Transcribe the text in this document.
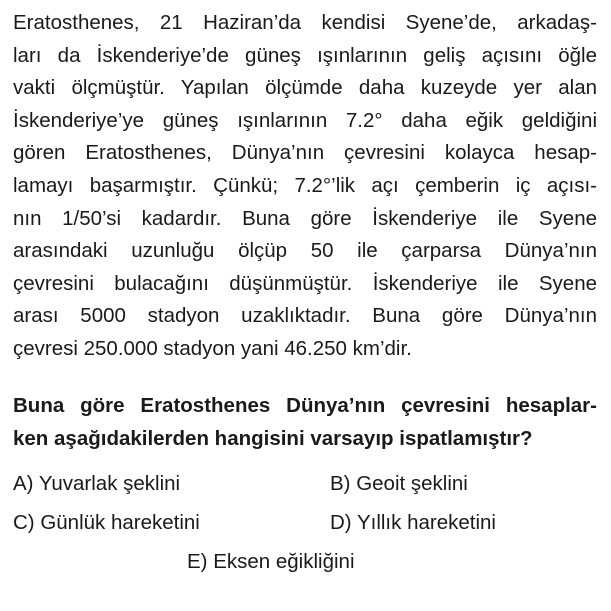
Eratosthenes, 21 Haziran’da kendisi Syene’de, arkadaş-
ları da İskenderiye’de güneş ışınlarının geliş açısını öğle
vakti ölçmüştür. Yapılan ölçümde daha kuzeyde yer alan
İskenderiye’ye güneş ışınlarının 7.2° daha eğik geldiğini
gören Eratosthenes, Dünya’nın çevresini kolayca hesap-
lamayı başarmıştır. Çünkü; 7.2°’lik açı çemberin iç açısı-
nın 1/50’si kadardır. Buna göre İskenderiye ile Syene
arasındaki uzunluğu ölçüp 50 ile çarparsa Dünya’nın
çevresini bulacağını düşünmüştür. İskenderiye ile Syene
arası 5000 stadyon uzaklıktadır. Buna göre Dünya’nın
çevresi 250.000 stadyon yani 46.250 km’dir.
Buna göre Eratosthenes Dünya’nın çevresini hesaplar-
ken aşağıdakilerden hangisini varsayıp ispatlamıştır?
A) Yuvarlak şeklini	B) Geoit şeklini
C) Günlük hareketini	D) Yıllık hareketini
E) Eksen eğikliğini
